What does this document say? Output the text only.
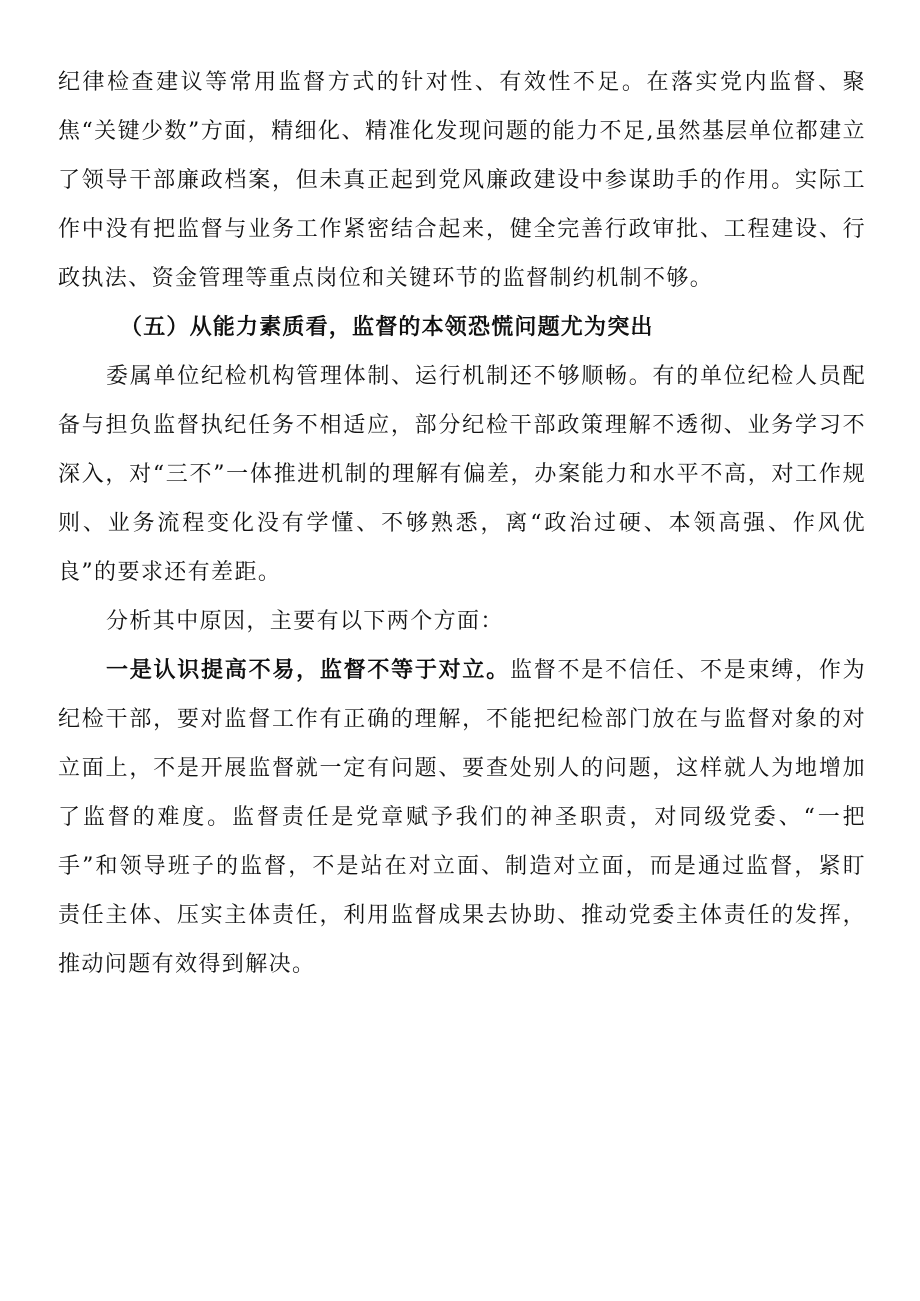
纪律检查建议等常用监督方式的针对性、有效性不足。在落实党内监督、聚焦“关键少数”方面，精细化、精准化发现问题的能力不足,虽然基层单位都建立了领导干部廉政档案，但未真正起到党风廉政建设中参谋助手的作用。实际工作中没有把监督与业务工作紧密结合起来，健全完善行政审批、工程建设、行政执法、资金管理等重点岗位和关键环节的监督制约机制不够。

（五）从能力素质看，监督的本领恐慌问题尤为突出

委属单位纪检机构管理体制、运行机制还不够顺畅。有的单位纪检人员配备与担负监督执纪任务不相适应，部分纪检干部政策理解不透彻、业务学习不深入，对“三不”一体推进机制的理解有偏差，办案能力和水平不高，对工作规则、业务流程变化没有学懂、不够熟悉，离“政治过硬、本领高强、作风优良”的要求还有差距。

分析其中原因，主要有以下两个方面：

一是认识提高不易，监督不等于对立。监督不是不信任、不是束缚，作为纪检干部，要对监督工作有正确的理解，不能把纪检部门放在与监督对象的对立面上，不是开展监督就一定有问题、要查处别人的问题，这样就人为地增加了监督的难度。监督责任是党章赋予我们的神圣职责，对同级党委、“一把手”和领导班子的监督，不是站在对立面、制造对立面，而是通过监督，紧盯责任主体、压实主体责任，利用监督成果去协助、推动党委主体责任的发挥，推动问题有效得到解决。
